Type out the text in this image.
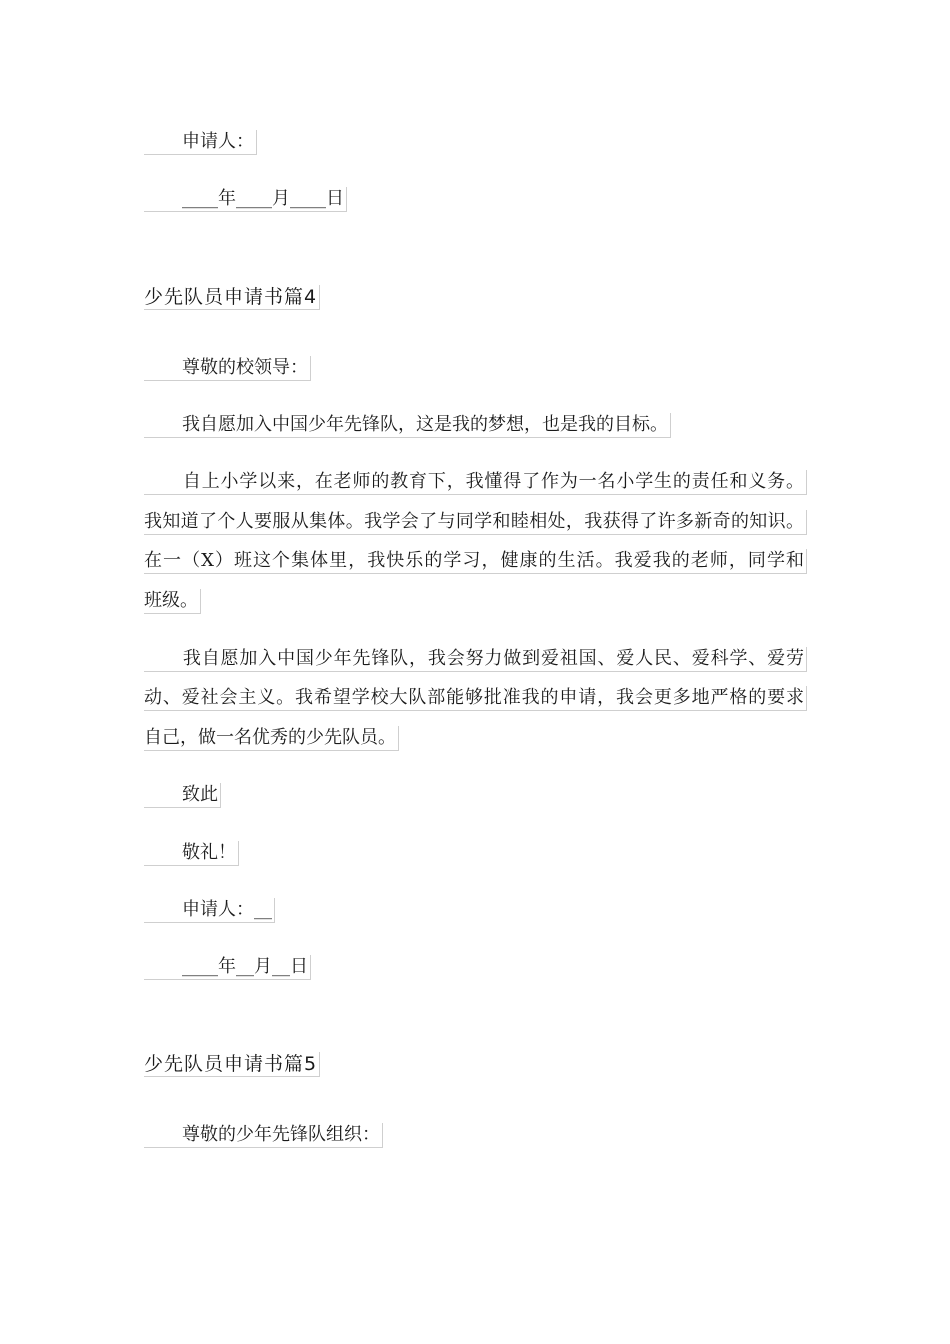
申请人：
____年____月____日
少先队员申请书篇4
尊敬的校领导：
我自愿加入中国少年先锋队，这是我的梦想，也是我的目标。
自上小学以来，在老师的教育下，我懂得了作为一名小学生的责任和义务。
我知道了个人要服从集体。我学会了与同学和睦相处，我获得了许多新奇的知识。
在一（X）班这个集体里，我快乐的学习，健康的生活。我爱我的老师，同学和
班级。
我自愿加入中国少年先锋队，我会努力做到爱祖国、爱人民、爱科学、爱劳
动、爱社会主义。我希望学校大队部能够批准我的申请，我会更多地严格的要求
自己，做一名优秀的少先队员。
致此
敬礼！
申请人：__
____年__月__日
少先队员申请书篇5
尊敬的少年先锋队组织：
